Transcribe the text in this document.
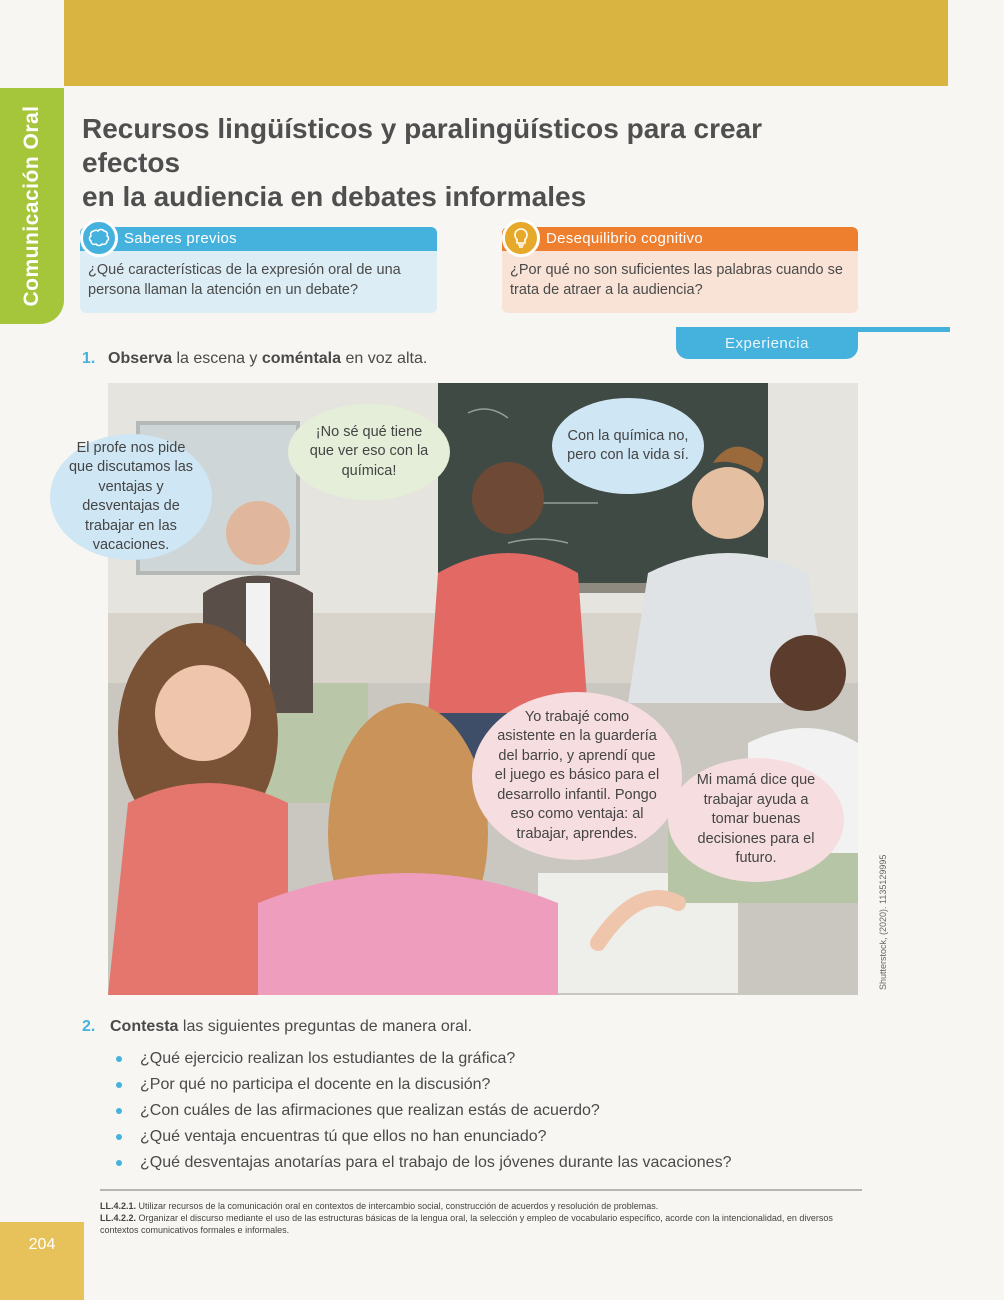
Comunicación Oral Recursos lingüísticos y paralingüísticos para crear efectos
en la audiencia en debates informales
Saberes previos
¿Qué características de la expresión oral de una persona llaman la atención en un debate?
Desequilibrio cognitivo
¿Por qué no son suficientes las palabras cuando se trata de atraer a la audiencia?
Experiencia
1. Observa la escena y coméntala en voz alta.
El profe nos pide que discutamos las ventajas y desventajas de trabajar en las vacaciones.
¡No sé qué tiene que ver eso con la química!
Con la química no, pero con la vida sí.
Yo trabajé como asistente en la guardería del barrio, y aprendí que el juego es básico para el desarrollo infantil. Pongo eso como ventaja: al trabajar, aprendes.
Mi mamá dice que trabajar ayuda a tomar buenas decisiones para el futuro.	Shutterstock, (2020). 1135129995
2. Contesta las siguientes preguntas de manera oral.
¿Qué ejercicio realizan los estudiantes de la gráfica?
¿Por qué no participa el docente en la discusión?
¿Con cuáles de las afirmaciones que realizan estás de acuerdo?
¿Qué ventaja encuentras tú que ellos no han enunciado?
¿Qué desventajas anotarías para el trabajo de los jóvenes durante las vacaciones?
LL.4.2.1. Utilizar recursos de la comunicación oral en contextos de intercambio social, construcción de acuerdos y resolución de problemas.
LL.4.2.2. Organizar el discurso mediante el uso de las estructuras básicas de la lengua oral, la selección y empleo de vocabulario específico, acorde con la intencionalidad, en diversos contextos comunicativos formales e informales.
204
